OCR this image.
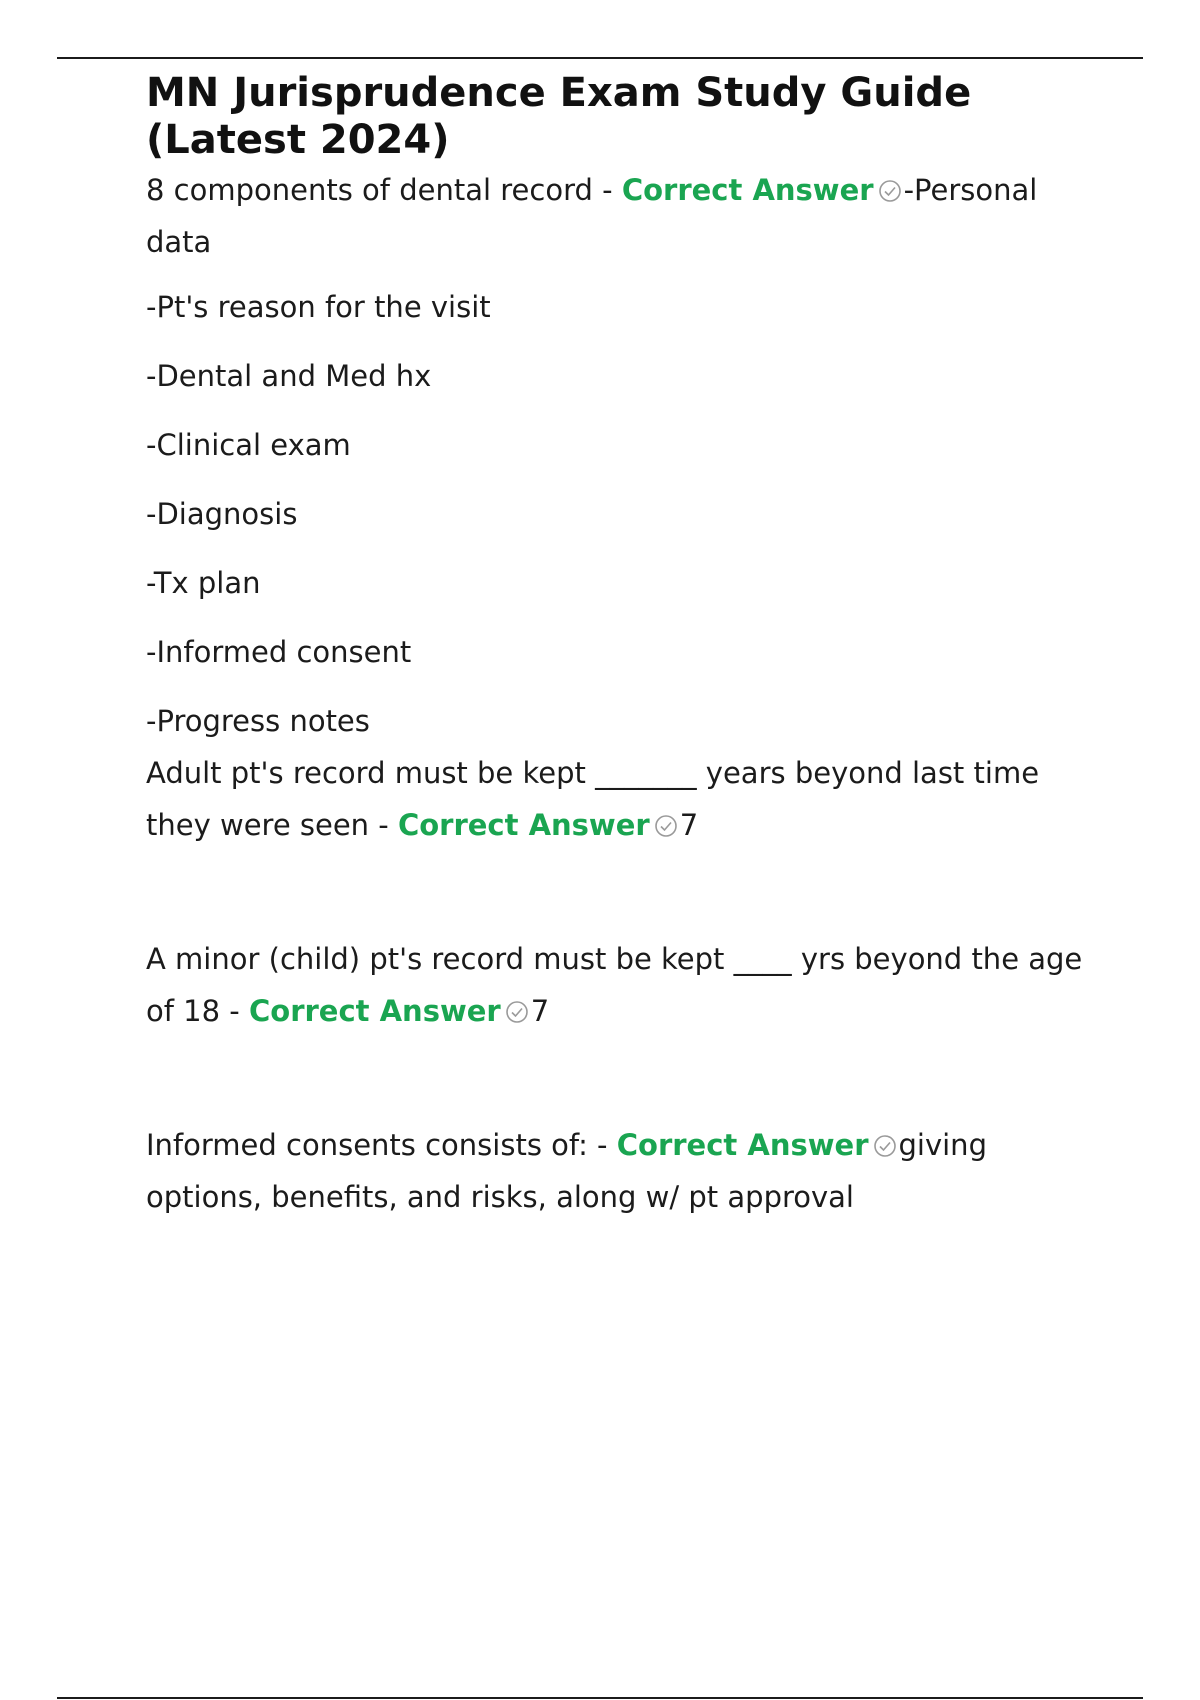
MN Jurisprudence Exam Study Guide (Latest 2024)
8 components of dental record - Correct Answer -Personal data

-Pt's reason for the visit

-Dental and Med hx

-Clinical exam

-Diagnosis

-Tx plan

-Informed consent

-Progress notes

Adult pt's record must be kept _______ years beyond last time they were seen - Correct Answer 7
A minor (child) pt's record must be kept ____ yrs beyond the age of 18 - Correct Answer 7
Informed consents consists of: - Correct Answer giving options, benefits, and risks, along w/ pt approval
